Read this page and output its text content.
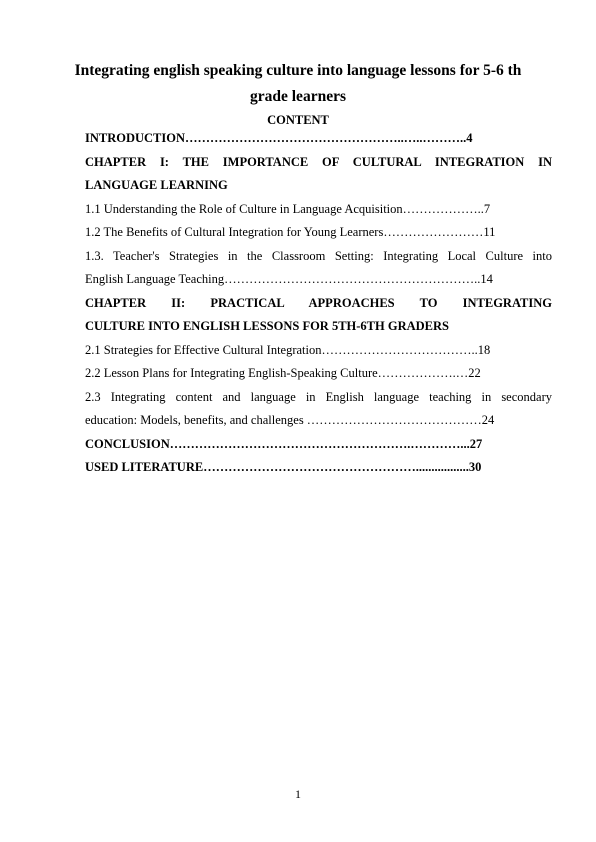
Integrating english speaking culture into language lessons for 5-6 th grade learners
CONTENT
INTRODUCTION……………………………………………..…..………..4
CHAPTER I: THE IMPORTANCE OF CULTURAL INTEGRATION IN
LANGUAGE LEARNING
1.1 Understanding the Role of Culture in Language Acquisition………………..7
1.2 The Benefits of Cultural Integration for Young Learners……………………11
1.3. Teacher's Strategies in the Classroom Setting: Integrating Local Culture into
English Language Teaching……………………………………………………..14
CHAPTER II: PRACTICAL APPROACHES TO INTEGRATING
CULTURE INTO ENGLISH LESSONS FOR 5TH-6TH GRADERS
2.1 Strategies for Effective Cultural Integration………………………………..18
2.2 Lesson Plans for Integrating English-Speaking Culture……………….…22
2.3 Integrating content and language in English language teaching in secondary
education: Models, benefits, and challenges ……………………………………24
CONCLUSION………………………………………………….…………...27
USED LITERATURE…………………………………………….................30
1
